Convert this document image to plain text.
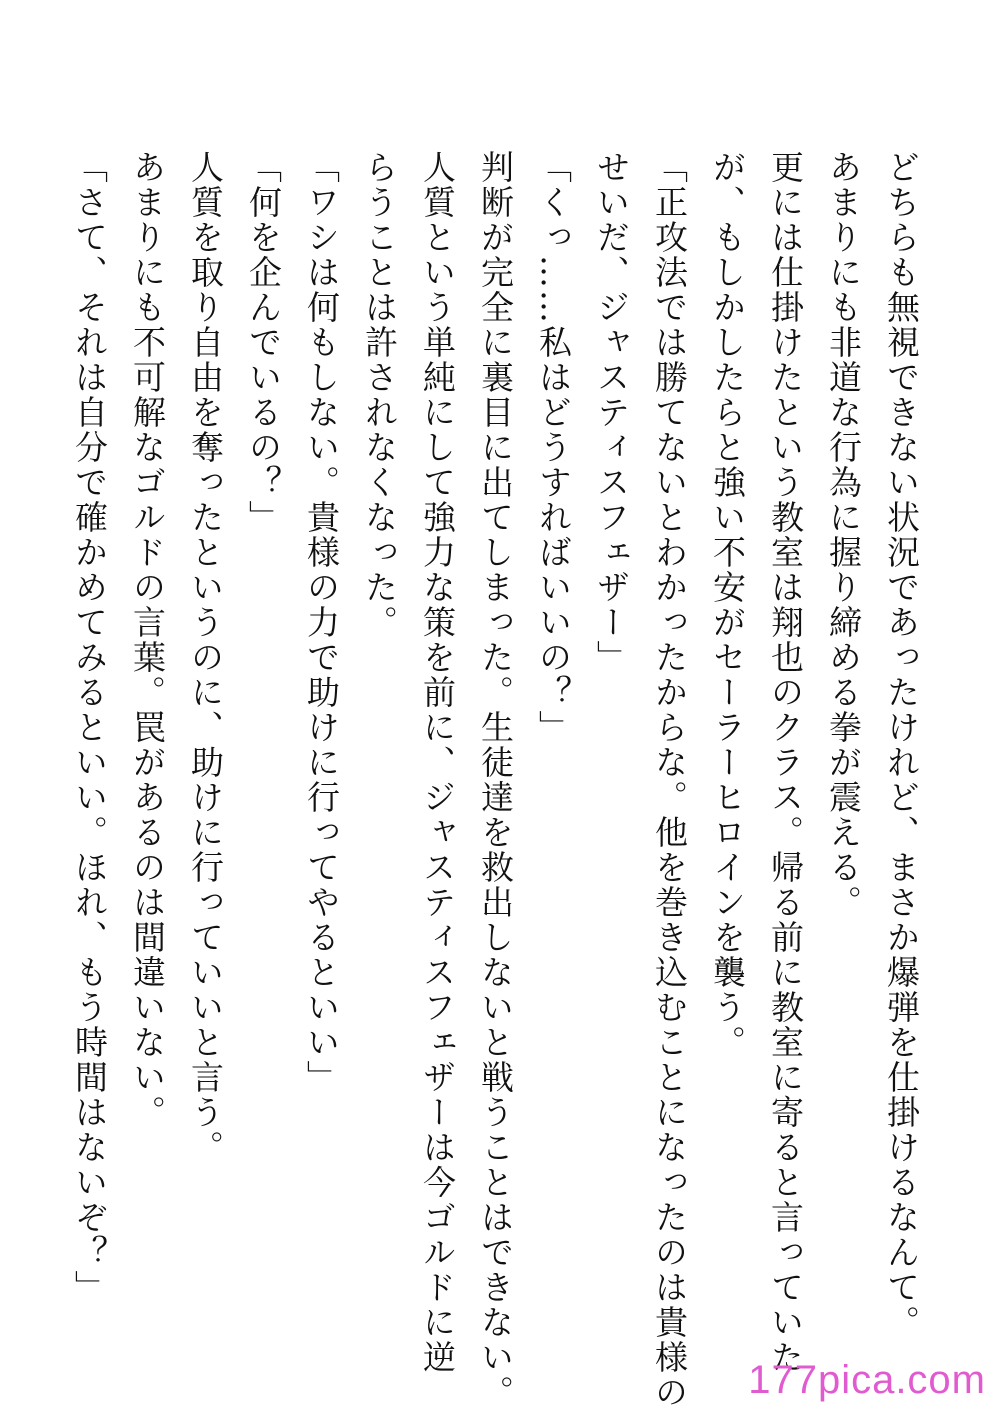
どちらも無視できない状況であったけれど、まさか爆弾を仕掛けるなんて。
あまりにも非道な行為に握り締める拳が震える。
更には仕掛けたという教室は翔也のクラス。帰る前に教室に寄ると言っていた
が、もしかしたらと強い不安がセーラーヒロインを襲う。
「正攻法では勝てないとわかったからな。他を巻き込むことになったのは貴様の
せいだ、ジャスティスフェザー」
「くっ……私はどうすればいいの？」
判断が完全に裏目に出てしまった。生徒達を救出しないと戦うことはできない。
人質という単純にして強力な策を前に、ジャスティスフェザーは今ゴルドに逆
らうことは許されなくなった。
「ワシは何もしない。貴様の力で助けに行ってやるといい」
「何を企んでいるの？」
人質を取り自由を奪ったというのに、助けに行っていいと言う。
あまりにも不可解なゴルドの言葉。罠があるのは間違いない。
「さて、それは自分で確かめてみるといい。ほれ、もう時間はないぞ？」
177pica.com
